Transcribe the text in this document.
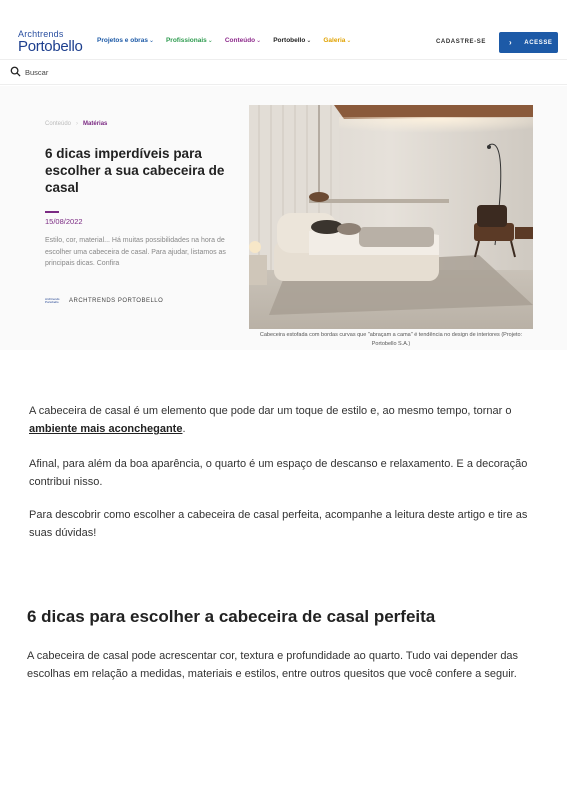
Archtrends
Portobello Projetos e obras⌄ Profissionais⌄ Conteúdo⌄ Portobello⌄ Galeria⌄	CADASTRE-SE	› ACESSE
Buscar
Conteúdo › Matérias
6 dicas imperdíveis para escolher a sua cabeceira de casal
15/08/2022
Estilo, cor, material... Há muitas possibilidades na hora de escolher uma cabeceira de casal. Para ajudar, listamos as principais dicas. Confira
Archtrends
Portobello	ARCHTRENDS PORTOBELLO
Cabeceira estofada com bordas curvas que "abraçam a cama" é tendência no design de interiores (Projeto: Portobello S.A.)

A cabeceira de casal é um elemento que pode dar um toque de estilo e, ao mesmo tempo, tornar o ambiente mais aconchegante.

Afinal, para além da boa aparência, o quarto é um espaço de descanso e relaxamento. E a decoração contribui nisso.

Para descobrir como escolher a cabeceira de casal perfeita, acompanhe a leitura deste artigo e tire as suas dúvidas!

6 dicas para escolher a cabeceira de casal perfeita

A cabeceira de casal pode acrescentar cor, textura e profundidade ao quarto. Tudo vai depender das escolhas em relação a medidas, materiais e estilos, entre outros quesitos que você confere a seguir.
